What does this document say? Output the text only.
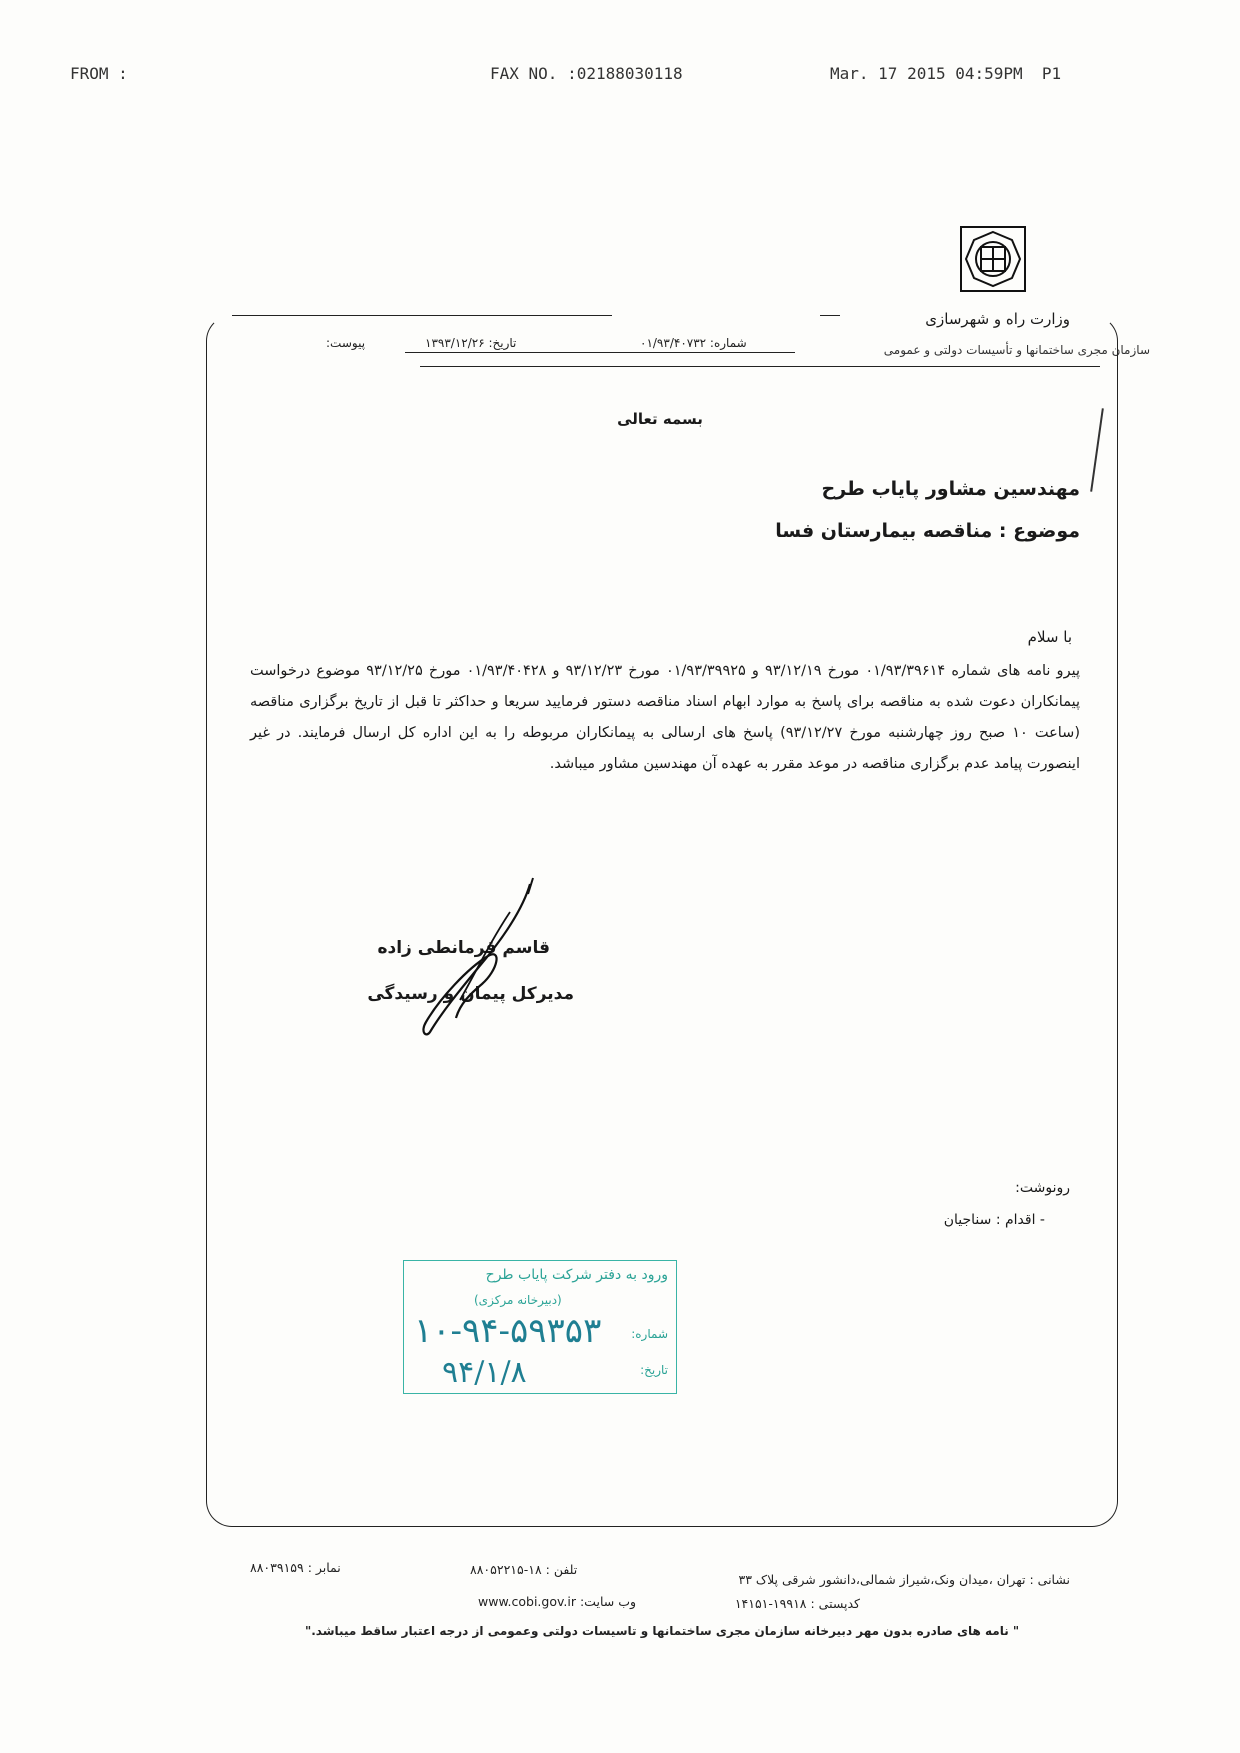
FROM :	FAX NO. :02188030118	Mar. 17 2015 04:59PM P1
وزارت راه و شهرسازی
سازمان مجری ساختمانها و تأسیسات دولتی و عمومی
شماره: ۰۱/۹۳/۴۰۷۳۲
تاریخ: ۱۳۹۳/۱۲/۲۶
پیوست:
بسمه تعالی
مهندسین مشاور پایاب طرح
موضوع : مناقصه بیمارستان فسا
با سلام
پیرو نامه های شماره ۰۱/۹۳/۳۹۶۱۴ مورخ ۹۳/۱۲/۱۹ و ۰۱/۹۳/۳۹۹۲۵ مورخ ۹۳/۱۲/۲۳ و ۰۱/۹۳/۴۰۴۲۸ مورخ ۹۳/۱۲/۲۵ موضوع درخواست پیمانکاران دعوت شده به مناقصه برای پاسخ به موارد ابهام اسناد مناقصه دستور فرمایید سریعا و حداکثر تا قبل از تاریخ برگزاری مناقصه (ساعت ۱۰ صبح روز چهارشنبه مورخ ۹۳/۱۲/۲۷) پاسخ های ارسالی به پیمانکاران مربوطه را به این اداره کل ارسال فرمایند. در غیر اینصورت پیامد عدم برگزاری مناقصه در موعد مقرر به عهده آن مهندسین مشاور میباشد.
قاسم قرمانطی زاده
مدیرکل پیمان و رسیدگی
رونوشت:
- اقدام : سناجیان
ورود به دفتر شرکت پایاب طرح
(دبیرخانه مرکزی)
شماره:
۱۰-۹۴-۵۹۳۵۳
تاریخ:
۹۴/۱/۸
نشانی : تهران ،میدان ونک،شیراز شمالی،دانشور شرقی پلاک ۳۳
تلفن : ۱۸-۸۸۰۵۲۲۱۵
نمابر : ۸۸۰۳۹۱۵۹
کدپستی : ۱۹۹۱۸-۱۴۱۵۱
وب سایت: www.cobi.gov.ir
" نامه های صادره بدون مهر دبیرخانه سازمان مجری ساختمانها و تاسیسات دولتی وعمومی از درجه اعتبار ساقط میباشد."
